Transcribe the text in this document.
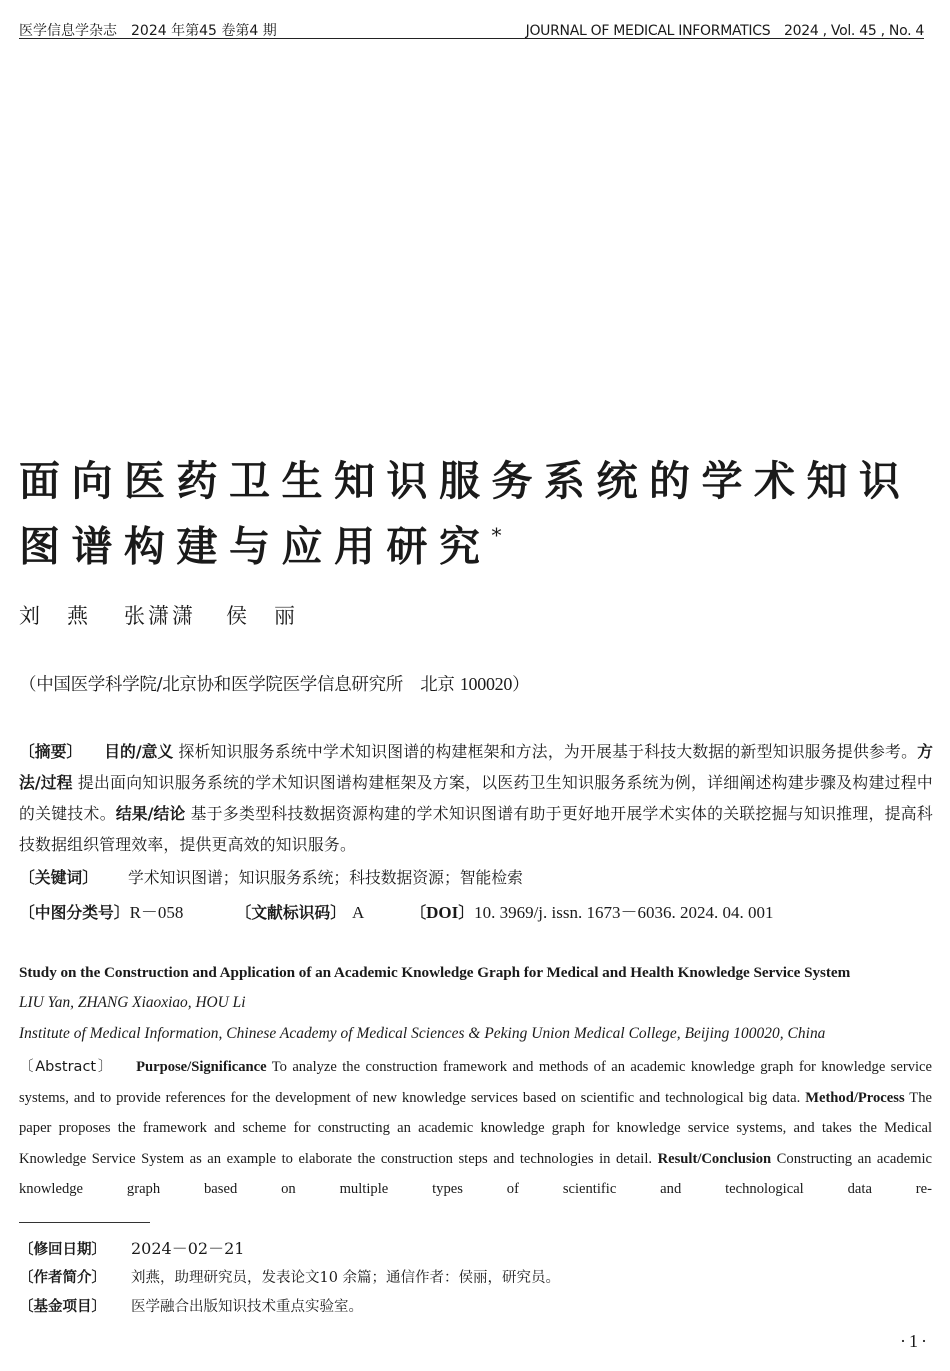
医学信息学杂志　2024 年第45 卷第4 期	JOURNAL OF MEDICAL INFORMATICS　2024 , Vol. 45 , No. 4
面向医药卫生知识服务系统的学术知识
图谱构建与应用研究*
刘　燕 张潇潇 侯　丽
（中国医学科学院/北京协和医学院医学信息研究所　北京 100020）
〔摘要〕 目的/意义 探析知识服务系统中学术知识图谱的构建框架和方法，为开展基于科技大数据的新型知识服务提供参考。方法/过程 提出面向知识服务系统的学术知识图谱构建框架及方案，以医药卫生知识服务系统为例，详细阐述构建步骤及构建过程中的关键技术。结果/结论 基于多类型科技数据资源构建的学术知识图谱有助于更好地开展学术实体的关联挖掘与知识推理，提高科技数据组织管理效率，提供更高效的知识服务。
〔关键词〕 学术知识图谱；知识服务系统；科技数据资源；智能检索
〔中图分类号〕R－058	〔文献标识码〕 A	〔DOI〕10. 3969/j. issn. 1673－6036. 2024. 04. 001
Study on the Construction and Application of an Academic Knowledge Graph for Medical and Health Knowledge Service System
LIU Yan, ZHANG Xiaoxiao, HOU Li
Institute of Medical Information, Chinese Academy of Medical Sciences & Peking Union Medical College, Beijing 100020, China
〔Abstract〕 Purpose/Significance To analyze the construction framework and methods of an academic knowledge graph for knowledge service systems, and to provide references for the development of new knowledge services based on scientific and technological big data. Method/Process The paper proposes the framework and scheme for constructing an academic knowledge graph for knowledge service systems, and takes the Medical Knowledge Service System as an example to elaborate the construction steps and technologies in detail. Result/Conclusion Constructing an academic knowledge graph based on multiple types of scientific and technological data re-
〔修回日期〕 2024－02－21
〔作者简介〕 刘燕，助理研究员，发表论文10 余篇；通信作者：侯丽，研究员。
〔基金项目〕 医学融合出版知识技术重点实验室。
·1·
